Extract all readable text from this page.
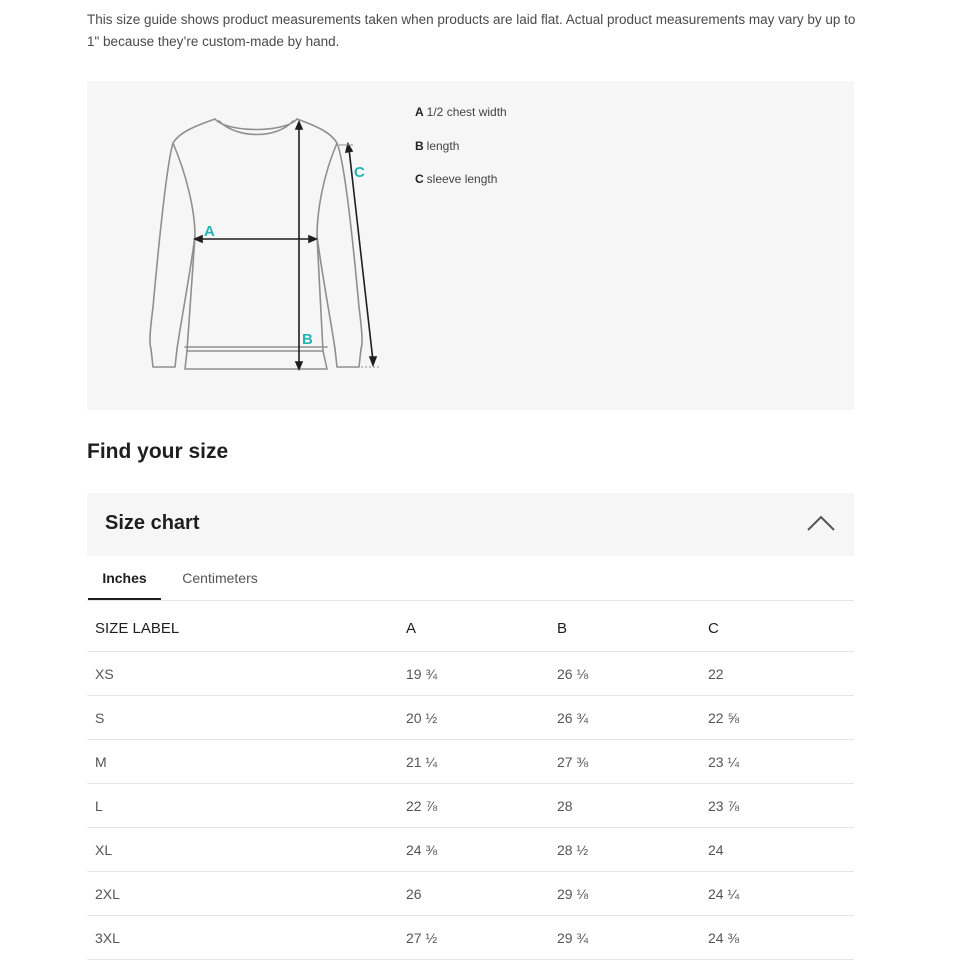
This size guide shows product measurements taken when products are laid flat. Actual product measurements may vary by up to 1" because they’re custom-made by hand.
A
B
C
A 1/2 chest width
B length
C sleeve length
Find your size
Size chart
Inches	Centimeters
SIZE LABEL	A	B	C
XS	19 ¾	26 ⅛	22
S	20 ½	26 ¾	22 ⅝
M	21 ¼	27 ⅜	23 ¼
L	22 ⅞	28	23 ⅞
XL	24 ⅜	28 ½	24
2XL	26	29 ⅛	24 ¼
3XL	27 ½	29 ¾	24 ⅜
